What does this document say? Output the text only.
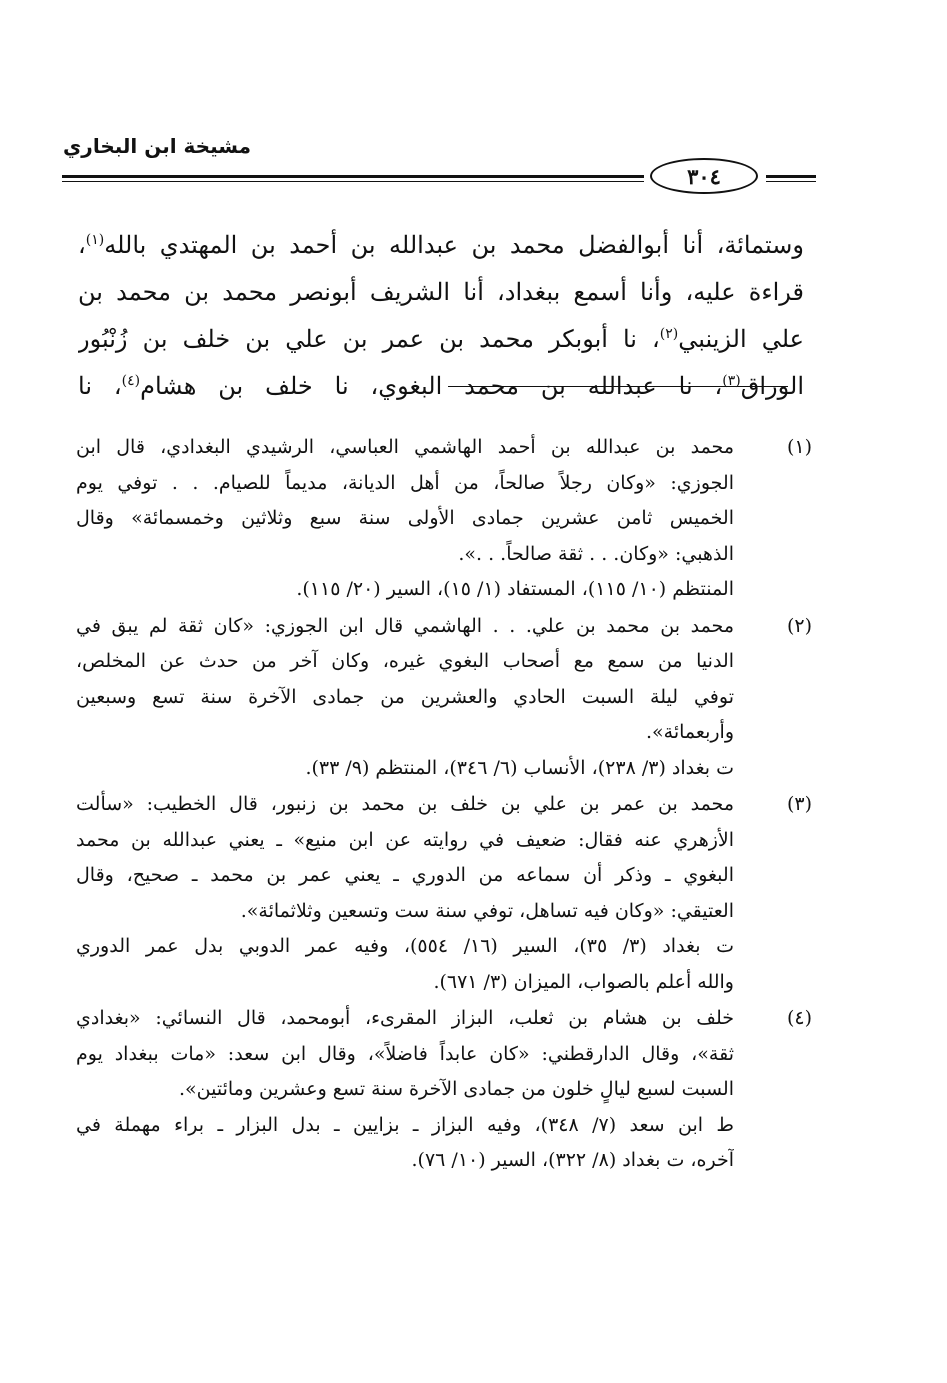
مشيخة ابن البخاري
٣٠٤
وستمائة، أنا أبوالفضل محمد بن عبدالله بن أحمد بن المهتدي بالله$^{(١)}$،
قراءة عليه، وأنا أسمع ببغداد، أنا الشريف أبونصر محمد بن محمد بن
علي الزينبي$^{(٢)}$، نا أبوبكر محمد بن عمر بن علي بن خلف بن زُنْبُور
الوراق$^{(٣)}$، نا عبدالله بن محمد البغوي، نا خلف بن هشام$^{(٤)}$، نا
(١)
محمد بن عبدالله بن أحمد الهاشمي العباسي، الرشيدي البغدادي، قال ابن
الجوزي: «وكان رجلاً صالحاً، من أهل الديانة، مديماً للصيام. . . توفي يوم
الخميس ثامن عشرين جمادى الأولى سنة سبع وثلاثين وخمسمائة» وقال
الذهبي: «وكان. . . ثقة صالحاً. . .».
المنتظم (١٠/ ١١٥)، المستفاد (١/ ١٥)، السير (٢٠/ ١١٥).
(٢)
محمد بن محمد بن علي. . . الهاشمي قال ابن الجوزي: «كان ثقة لم يبق في
الدنيا من سمع مع أصحاب البغوي غيره، وكان آخر من حدث عن المخلص،
توفي ليلة السبت الحادي والعشرين من جمادى الآخرة سنة تسع وسبعين
وأربعمائة».
ت بغداد (٣/ ٢٣٨)، الأنساب (٦/ ٣٤٦)، المنتظم (٩/ ٣٣).
(٣)
محمد بن عمر بن علي بن خلف بن محمد بن زنبور، قال الخطيب: «سألت
الأزهري عنه فقال: ضعيف في روايته عن ابن منيع» ـ يعني عبدالله بن محمد
البغوي ـ وذكر أن سماعه من الدوري ـ يعني عمر بن محمد ـ صحيح، وقال
العتيقي: «وكان فيه تساهل، توفي سنة ست وتسعين وثلاثمائة».
ت بغداد (٣/ ٣٥)، السير (١٦/ ٥٥٤)، وفيه عمر الدوبي بدل عمر الدوري
والله أعلم بالصواب، الميزان (٣/ ٦٧١).
(٤)
خلف بن هشام بن ثعلب، البزاز المقرىء، أبومحمد، قال النسائي: «بغدادي
ثقة»، وقال الدارقطني: «كان عابداً فاضلاً»، وقال ابن سعد: «مات ببغداد يوم
السبت لسبع ليالٍ خلون من جمادى الآخرة سنة تسع وعشرين ومائتين».
ط ابن سعد (٧/ ٣٤٨)، وفيه البزاز ـ بزايين ـ بدل البزار ـ براء مهملة في
آخره، ت بغداد (٨/ ٣٢٢)، السير (١٠/ ٧٦).
